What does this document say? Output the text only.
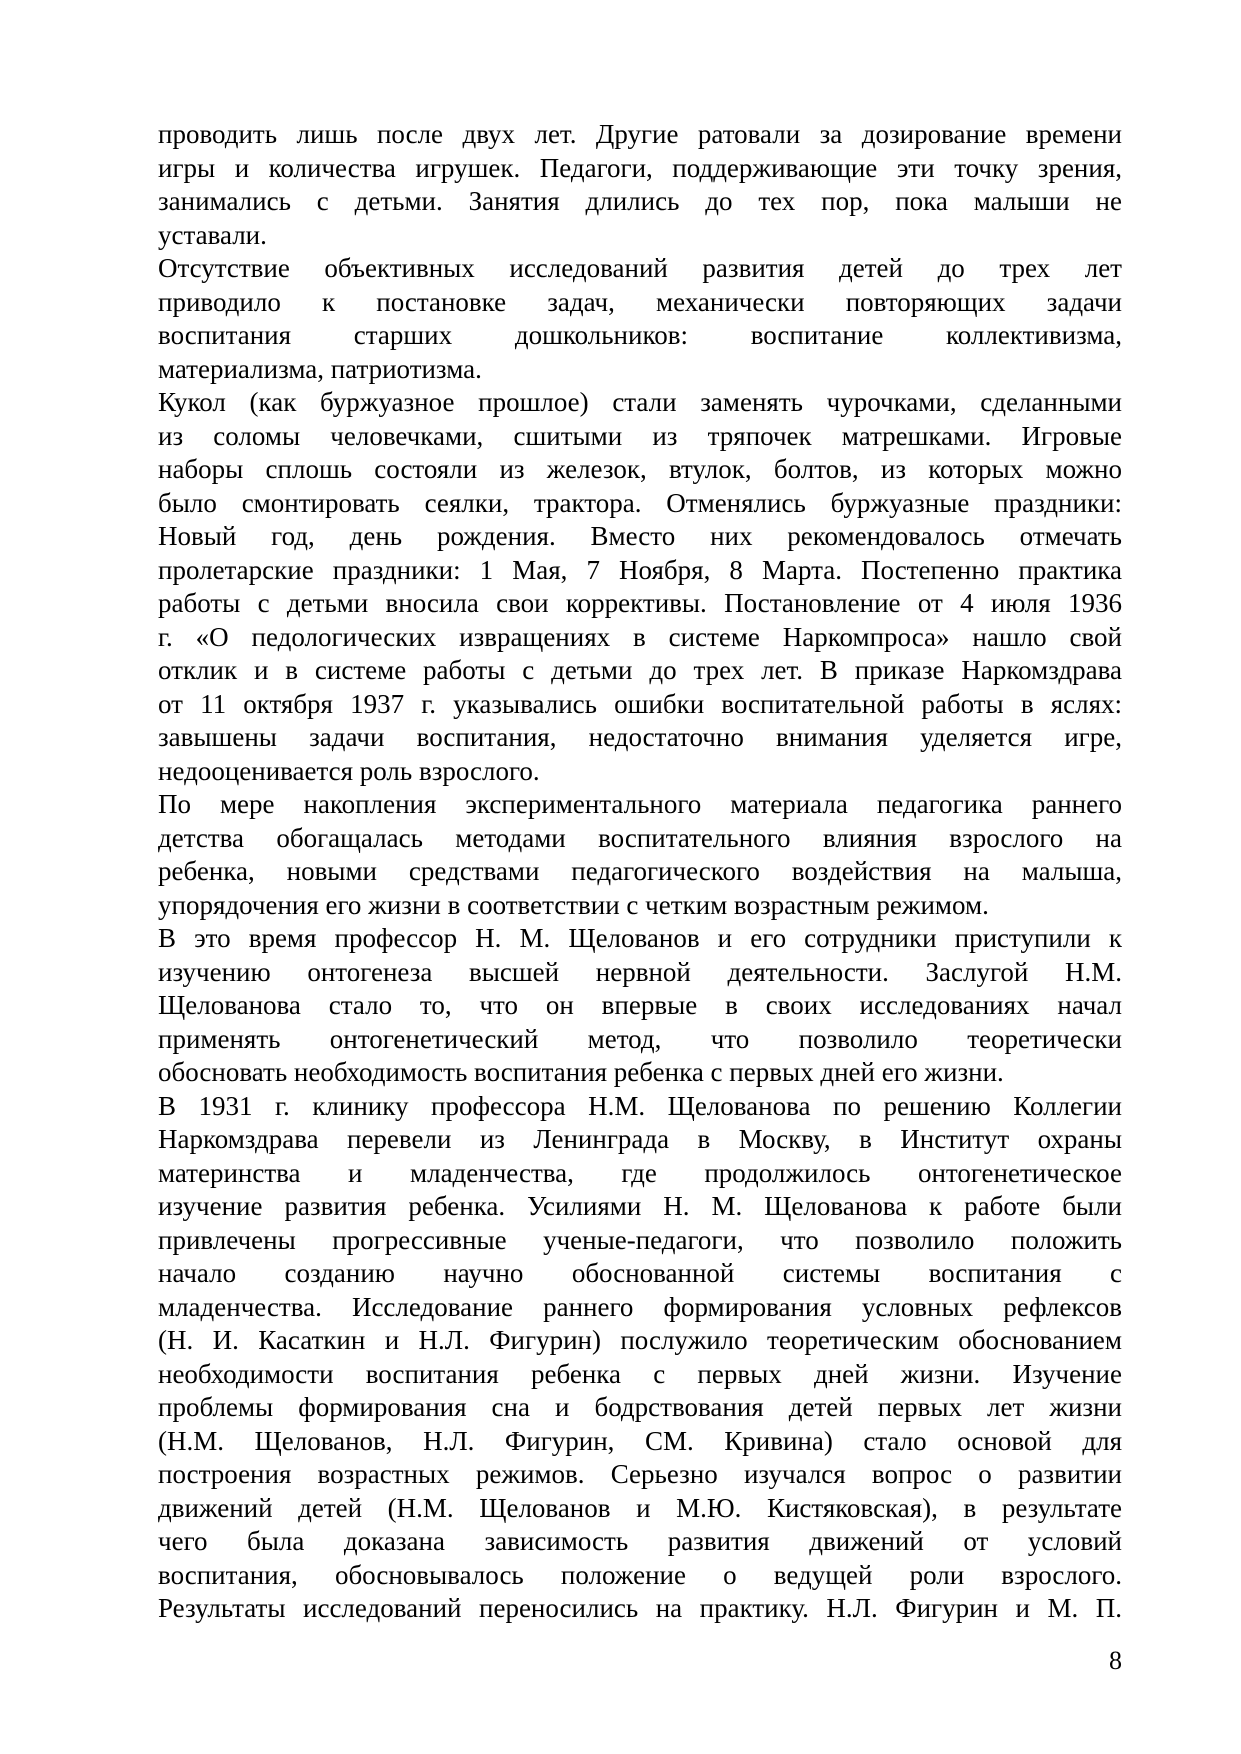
проводить лишь после двух лет. Другие ратовали за дозирование времени
игры и количества игрушек. Педагоги, поддерживающие эти точку зрения,
занимались с детьми. Занятия длились до тех пор, пока малыши не
уставали.
Отсутствие объективных исследований развития детей до трех лет
приводило к постановке задач, механически повторяющих задачи
воспитания старших дошкольников: воспитание коллективизма,
материализма, патриотизма.
Кукол (как буржуазное прошлое) стали заменять чурочками, сделанными
из соломы человечками, сшитыми из тряпочек матрешками. Игровые
наборы сплошь состояли из железок, втулок, болтов, из которых можно
было смонтировать сеялки, трактора. Отменялись буржуазные праздники:
Новый год, день рождения. Вместо них рекомендовалось отмечать
пролетарские праздники: 1 Мая, 7 Ноября, 8 Марта. Постепенно практика
работы с детьми вносила свои коррективы. Постановление от 4 июля 1936
г. «О педологических извращениях в системе Наркомпроса» нашло свой
отклик и в системе работы с детьми до трех лет. В приказе Наркомздрава
от 11 октября 1937 г. указывались ошибки воспитательной работы в яслях:
завышены задачи воспитания, недостаточно внимания уделяется игре,
недооценивается роль взрослого.
По мере накопления экспериментального материала педагогика раннего
детства обогащалась методами воспитательного влияния взрослого на
ребенка, новыми средствами педагогического воздействия на малыша,
упорядочения его жизни в соответствии с четким возрастным режимом.
В это время профессор Н. М. Щелованов и его сотрудники приступили к
изучению онтогенеза высшей нервной деятельности. Заслугой Н.М.
Щелованова стало то, что он впервые в своих исследованиях начал
применять онтогенетический метод, что позволило теоретически
обосновать необходимость воспитания ребенка с первых дней его жизни.
В 1931 г. клинику профессора Н.М. Щелованова по решению Коллегии
Наркомздрава перевели из Ленинграда в Москву, в Институт охраны
материнства и младенчества, где продолжилось онтогенетическое
изучение развития ребенка. Усилиями Н. М. Щелованова к работе были
привлечены прогрессивные ученые-педагоги, что позволило положить
начало созданию научно обоснованной системы воспитания с
младенчества. Исследование раннего формирования условных рефлексов
(Н. И. Касаткин и Н.Л. Фигурин) послужило теоретическим обоснованием
необходимости воспитания ребенка с первых дней жизни. Изучение
проблемы формирования сна и бодрствования детей первых лет жизни
(Н.М. Щелованов, Н.Л. Фигурин, СМ. Кривина) стало основой для
построения возрастных режимов. Серьезно изучался вопрос о развитии
движений детей (Н.М. Щелованов и М.Ю. Кистяковская), в результате
чего была доказана зависимость развития движений от условий
воспитания, обосновывалось положение о ведущей роли взрослого.
Результаты исследований переносились на практику. Н.Л. Фигурин и М. П.
8
